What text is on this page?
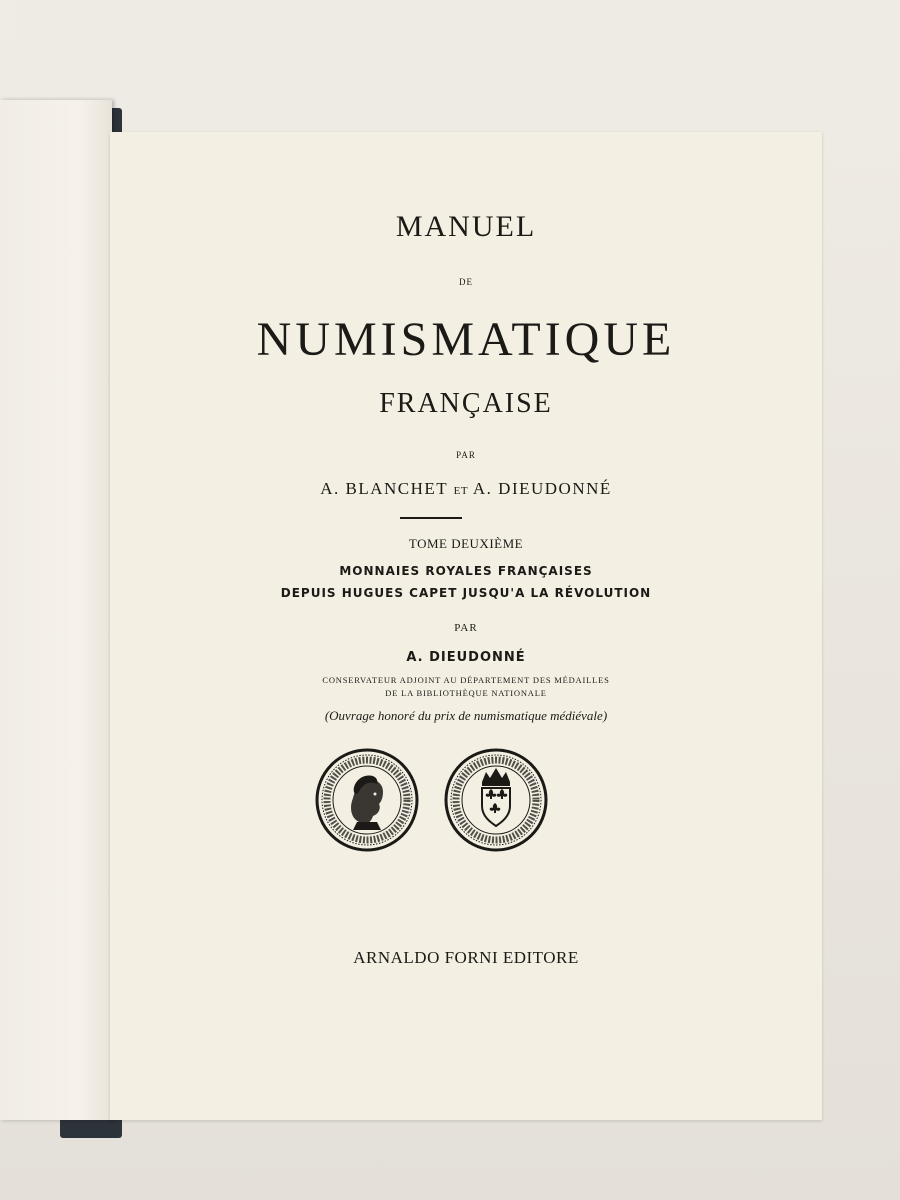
MANUEL
DE
NUMISMATIQUE
FRANÇAISE
PAR
A. BLANCHET ET A. DIEUDONNÉ
TOME DEUXIÈME
MONNAIES ROYALES FRANÇAISES
DEPUIS HUGUES CAPET JUSQU'A LA RÉVOLUTION
PAR
A. DIEUDONNÉ
CONSERVATEUR ADJOINT AU DÉPARTEMENT DES MÉDAILLES
DE LA BIBLIOTHÈQUE NATIONALE
(Ouvrage honoré du prix de numismatique médiévale)
ARNALDO FORNI EDITORE
